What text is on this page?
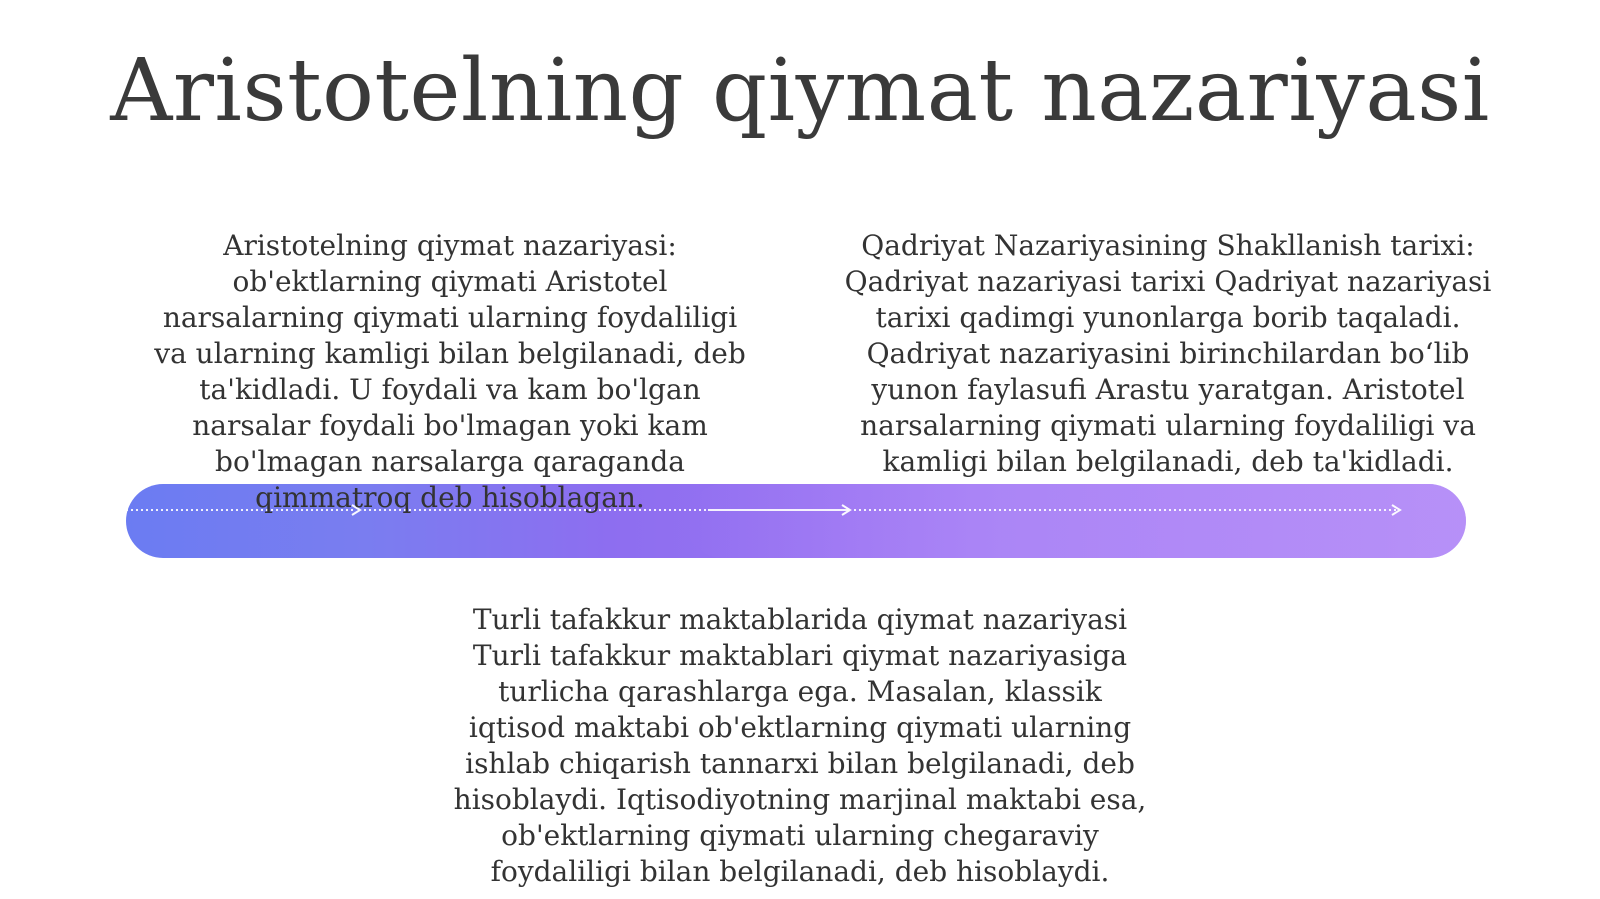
Aristotelning qiymat nazariyasi

Aristotelning qiymat nazariyasi: ob'ektlarning qiymati Aristotel narsalarning qiymati ularning foydaliligi va ularning kamligi bilan belgilanadi, deb ta'kidladi. U foydali va kam bo'lgan narsalar foydali bo'lmagan yoki kam bo'lmagan narsalarga qaraganda qimmatroq deb hisoblagan.

Qadriyat Nazariyasining Shakllanish tarixi: Qadriyat nazariyasi tarixi Qadriyat nazariyasi tarixi qadimgi yunonlarga borib taqaladi. Qadriyat nazariyasini birinchilardan boʻlib yunon faylasufi Arastu yaratgan. Aristotel narsalarning qiymati ularning foydaliligi va kamligi bilan belgilanadi, deb ta'kidladi.

Turli tafakkur maktablarida qiymat nazariyasi Turli tafakkur maktablari qiymat nazariyasiga turlicha qarashlarga ega. Masalan, klassik iqtisod maktabi ob'ektlarning qiymati ularning ishlab chiqarish tannarxi bilan belgilanadi, deb hisoblaydi. Iqtisodiyotning marjinal maktabi esa, ob'ektlarning qiymati ularning chegaraviy foydaliligi bilan belgilanadi, deb hisoblaydi.
